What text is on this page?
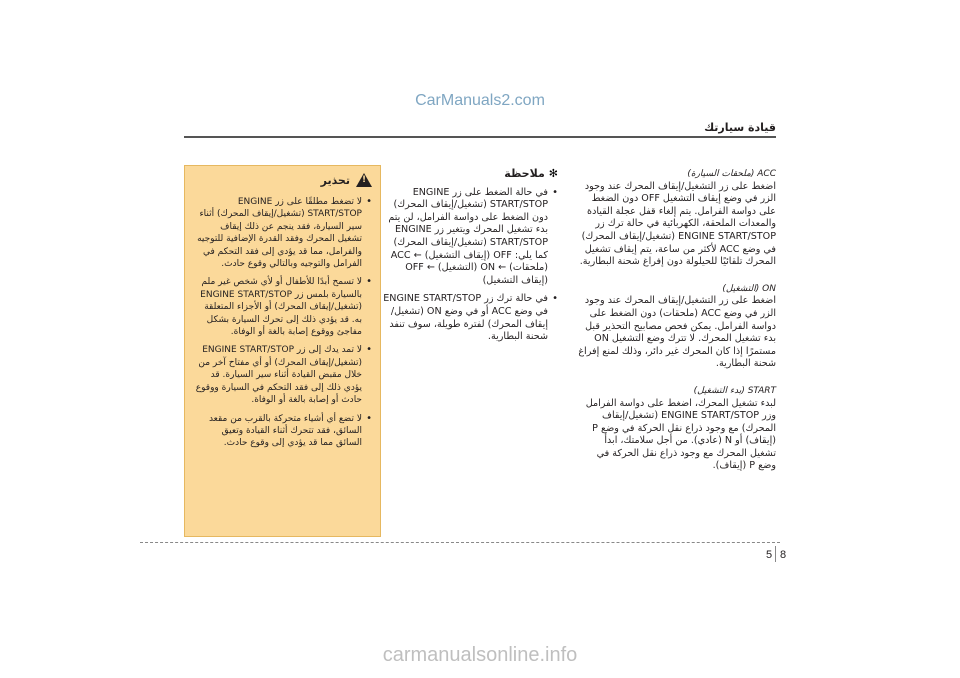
CarManuals2.com
قيادة سيارتك
ACC (ملحقات السيارة)
اضغط على زر التشغيل/إيقاف المحرك عند وجود الزر في وضع إيقاف التشغيل OFF دون الضغط على دواسة الفرامل. يتم إلغاء قفل عجلة القيادة والمعدات الملحقة، الكهربائية في حالة ترك زر ENGINE START/STOP (تشغيل/إيقاف المحرك) في وضع ACC لأكثر من ساعة، يتم إيقاف تشغيل المحرك تلقائيًا للحيلولة دون إفراغ شحنة البطارية.
ON (التشغيل)
اضغط على زر التشغيل/إيقاف المحرك عند وجود الزر في وضع ACC (ملحقات) دون الضغط على دواسة الفرامل. يمكن فحص مصابيح التحذير قبل بدء تشغيل المحرك. لا تترك وضع التشغيل ON مستمرًا إذا كان المحرك غير دائر، وذلك لمنع إفراغ شحنة البطارية.
START (بدء التشغيل)
لبدء تشغيل المحرك، اضغط على دواسة الفرامل وزر ENGINE START/STOP (تشغيل/إيقاف المحرك) مع وجود ذراع نقل الحركة في وضع P (إيقاف) أو N (عادي). من أجل سلامتك، ابدأ تشغيل المحرك مع وجود ذراع نقل الحركة في وضع P (إيقاف).
✻ملاحظة
• في حالة الضغط على زر ENGINE START/STOP (تشغيل/إيقاف المحرك) دون الضغط على دواسة الفرامل، لن يتم بدء تشغيل المحرك ويتغير زر ENGINE START/STOP (تشغيل/إيقاف المحرك) كما يلي: OFF (إيقاف التشغيل) ← ACC (ملحقات) ← ON (التشغيل) ← OFF (إيقاف التشغيل)
• في حالة ترك زر ENGINE START/STOP في وضع ACC أو في وضع ON (تشغيل/إيقاف المحرك) لفترة طويلة، سوف تنفد شحنة البطارية.
!
تحذير
• لا تضغط مطلقًا على زر ENGINE START/STOP (تشغيل/إيقاف المحرك) أثناء سير السيارة، فقد ينجم عن ذلك إيقاف تشغيل المحرك وفقد القدرة الإضافية للتوجيه والفرامل، مما قد يؤدي إلى فقد التحكم في الفرامل والتوجيه وبالتالي وقوع حادث.
• لا تسمح أبدًا للأطفال أو لأي شخص غير ملم بالسيارة بلمس زر ENGINE START/STOP (تشغيل/إيقاف المحرك) أو الأجزاء المتعلقة به. قد يؤدي ذلك إلى تحرك السيارة بشكل مفاجئ ووقوع إصابة بالغة أو الوفاة.
• لا تمد يدك إلى زر ENGINE START/STOP (تشغيل/إيقاف المحرك) أو أي مفتاح آخر من خلال مقبض القيادة أثناء سير السيارة. قد يؤدي ذلك إلى فقد التحكم في السيارة ووقوع حادث أو إصابة بالغة أو الوفاة.
• لا تضع أي أشياء متحركة بالقرب من مقعد السائق، فقد تتحرك أثناء القيادة وتعيق السائق مما قد يؤدي إلى وقوع حادث.
5 8
carmanualsonline.info
